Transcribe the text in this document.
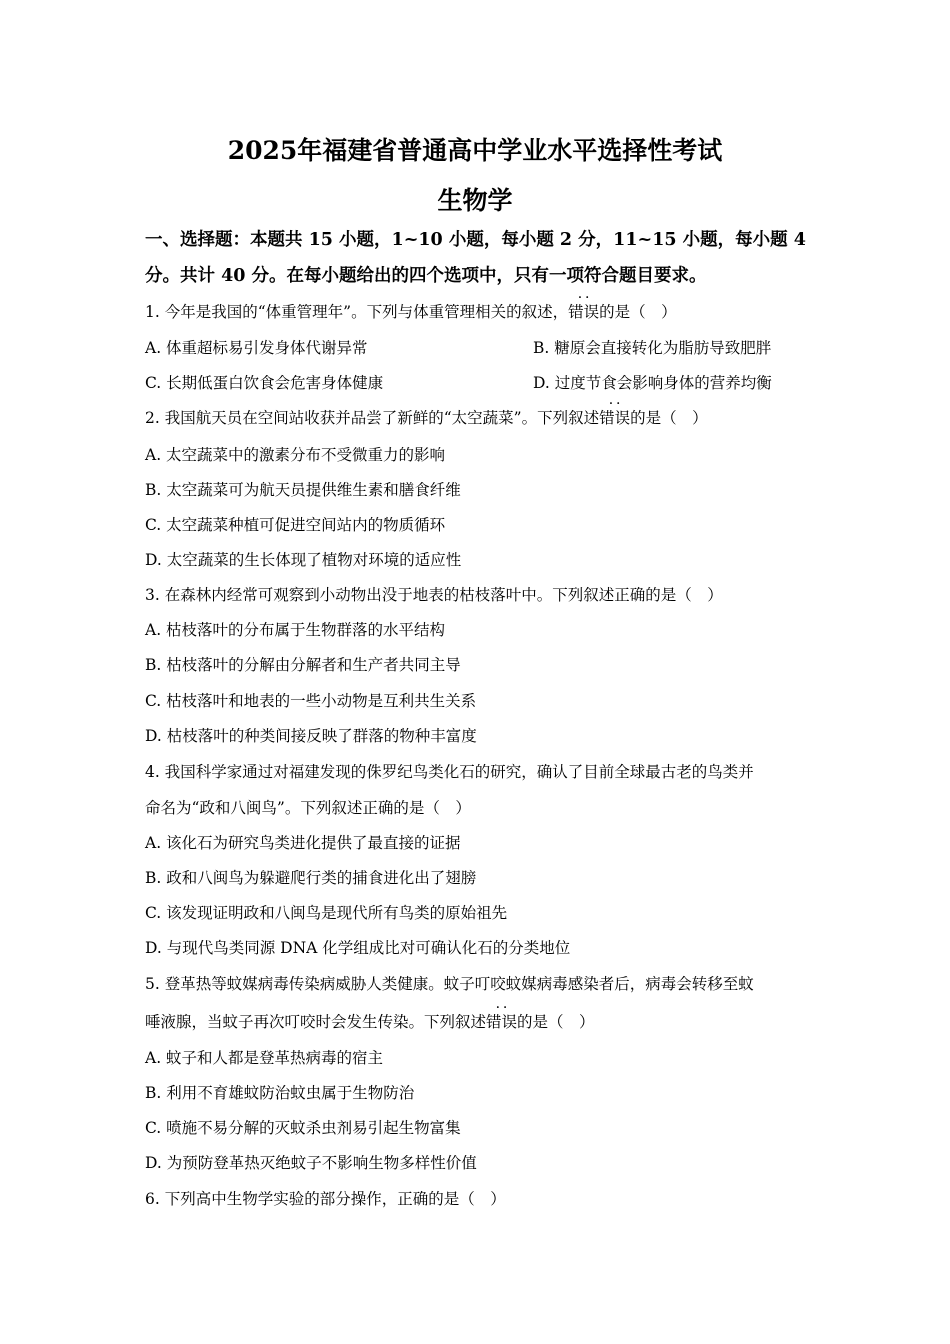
2025年福建省普通高中学业水平选择性考试
生物学
一、选择题：本题共 15 小题，1~10 小题，每小题 2 分，11~15 小题，每小题 4
分。共计 40 分。在每小题给出的四个选项中，只有一项符合题目要求。
1. 今年是我国的“体重管理年”。下列与体重管理相关的叙述，· · 错误的是（　）
A. 体重超标易引发身体代谢异常	B. 糖原会直接转化为脂肪导致肥胖
C. 长期低蛋白饮食会危害身体健康	D. 过度节食会影响身体的营养均衡
2. 我国航天员在空间站收获并品尝了新鲜的“太空蔬菜”。下列叙述· · 错误的是（　）
A. 太空蔬菜中的激素分布不受微重力的影响
B. 太空蔬菜可为航天员提供维生素和膳食纤维
C. 太空蔬菜种植可促进空间站内的物质循环
D. 太空蔬菜的生长体现了植物对环境的适应性
3. 在森林内经常可观察到小动物出没于地表的枯枝落叶中。下列叙述正确的是（　）
A. 枯枝落叶的分布属于生物群落的水平结构
B. 枯枝落叶的分解由分解者和生产者共同主导
C. 枯枝落叶和地表的一些小动物是互利共生关系
D. 枯枝落叶的种类间接反映了群落的物种丰富度
4. 我国科学家通过对福建发现的侏罗纪鸟类化石的研究，确认了目前全球最古老的鸟类并
命名为“政和八闽鸟”。下列叙述正确的是（　）
A. 该化石为研究鸟类进化提供了最直接的证据
B. 政和八闽鸟为躲避爬行类的捕食进化出了翅膀
C. 该发现证明政和八闽鸟是现代所有鸟类的原始祖先
D. 与现代鸟类同源 DNA 化学组成比对可确认化石的分类地位
5. 登革热等蚊媒病毒传染病威胁人类健康。蚊子叮咬蚊媒病毒感染者后，病毒会转移至蚊
唾液腺，当蚊子再次叮咬时会发生传染。下列叙述· · 错误的是（　）
A. 蚊子和人都是登革热病毒的宿主
B. 利用不育雄蚊防治蚊虫属于生物防治
C. 喷施不易分解的灭蚊杀虫剂易引起生物富集
D. 为预防登革热灭绝蚊子不影响生物多样性价值
6. 下列高中生物学实验的部分操作，正确的是（　）
